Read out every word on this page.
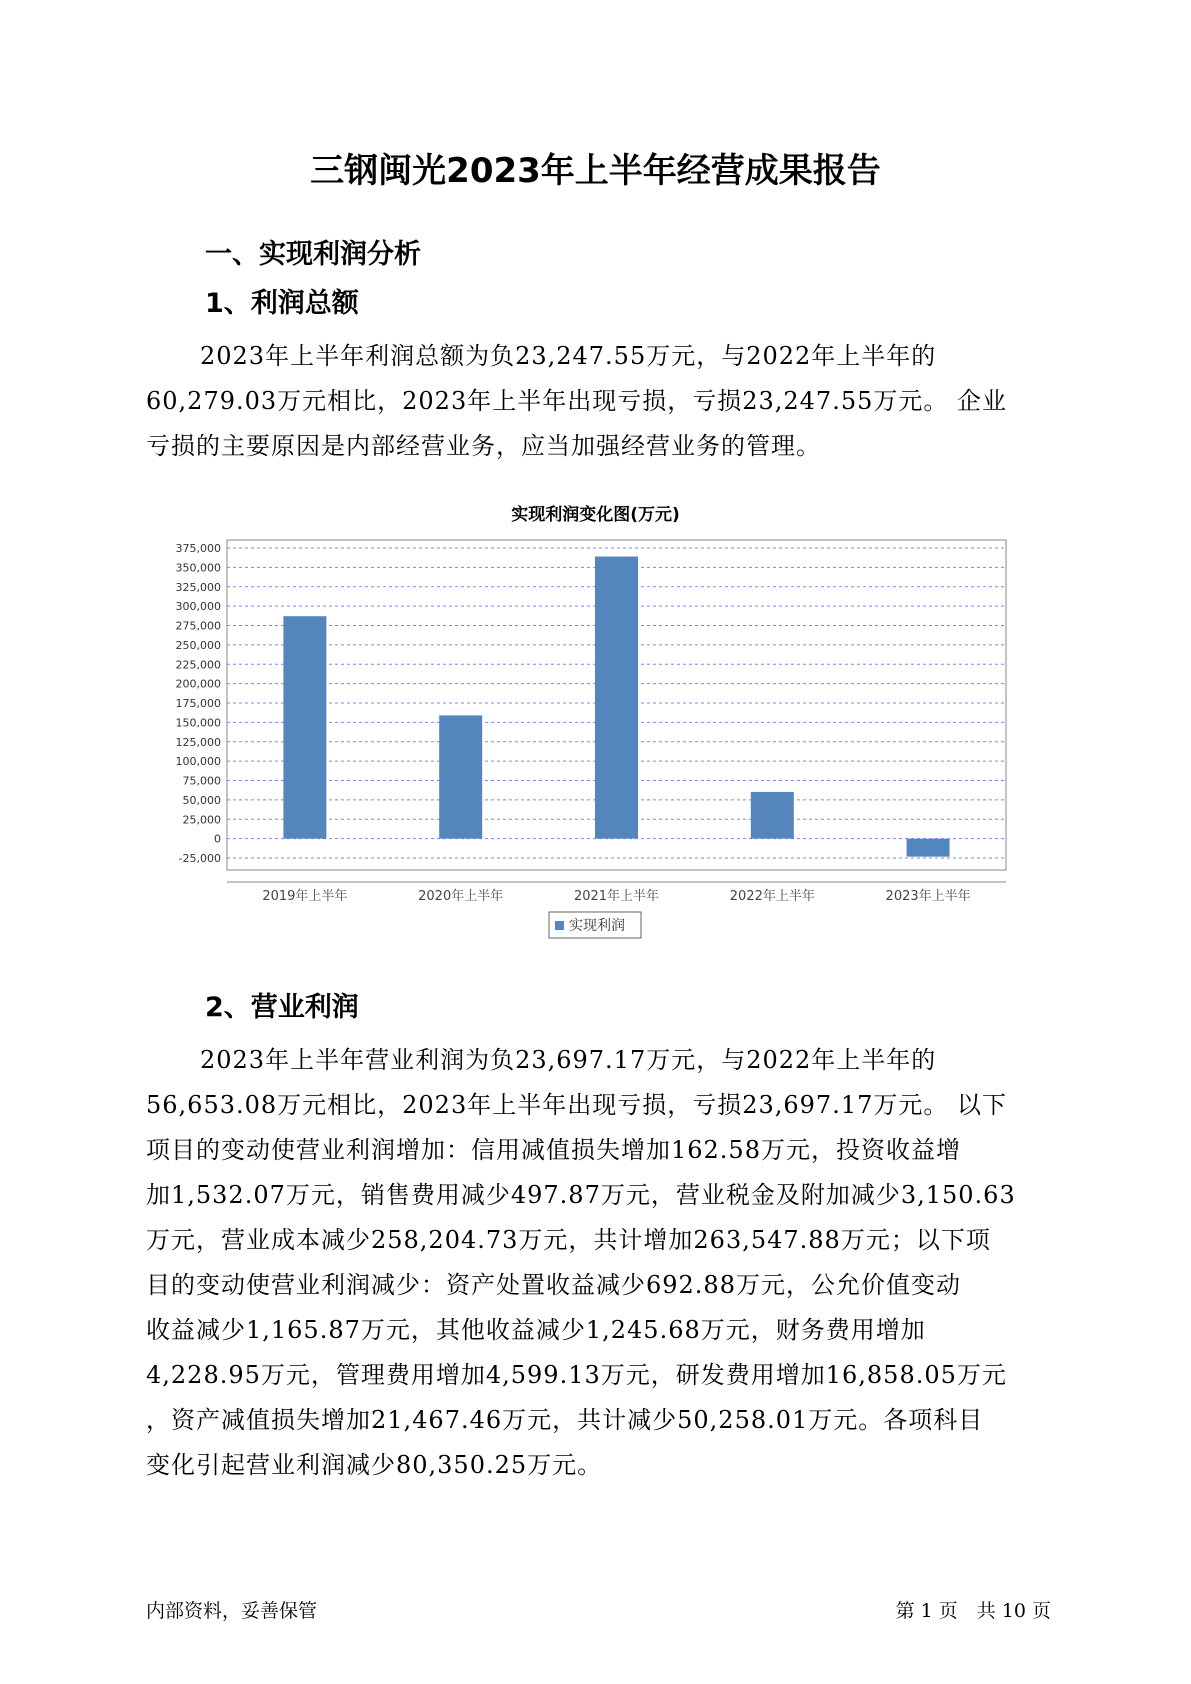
三钢闽光2023年上半年经营成果报告
一、实现利润分析
1、利润总额
2023年上半年利润总额为负23,247.55万元，与2022年上半年的
60,279.03万元相比，2023年上半年出现亏损，亏损23,247.55万元。 企业
亏损的主要原因是内部经营业务，应当加强经营业务的管理。
实现利润变化图(万元)
-25,000
0
25,000
50,000
75,000
100,000
125,000
150,000
175,000
200,000
225,000
250,000
275,000
300,000
325,000
350,000
375,000
2019年上半年	2020年上半年	2021年上半年	2022年上半年	2023年上半年
实现利润
2、营业利润
2023年上半年营业利润为负23,697.17万元，与2022年上半年的
56,653.08万元相比，2023年上半年出现亏损，亏损23,697.17万元。 以下
项目的变动使营业利润增加：信用减值损失增加162.58万元，投资收益增
加1,532.07万元，销售费用减少497.87万元，营业税金及附加减少3,150.63
万元，营业成本减少258,204.73万元，共计增加263,547.88万元；以下项
目的变动使营业利润减少：资产处置收益减少692.88万元，公允价值变动
收益减少1,165.87万元，其他收益减少1,245.68万元，财务费用增加
4,228.95万元，管理费用增加4,599.13万元，研发费用增加16,858.05万元
，资产减值损失增加21,467.46万元，共计减少50,258.01万元。各项科目
变化引起营业利润减少80,350.25万元。
内部资料，妥善保管	第 1 页　共 10 页
